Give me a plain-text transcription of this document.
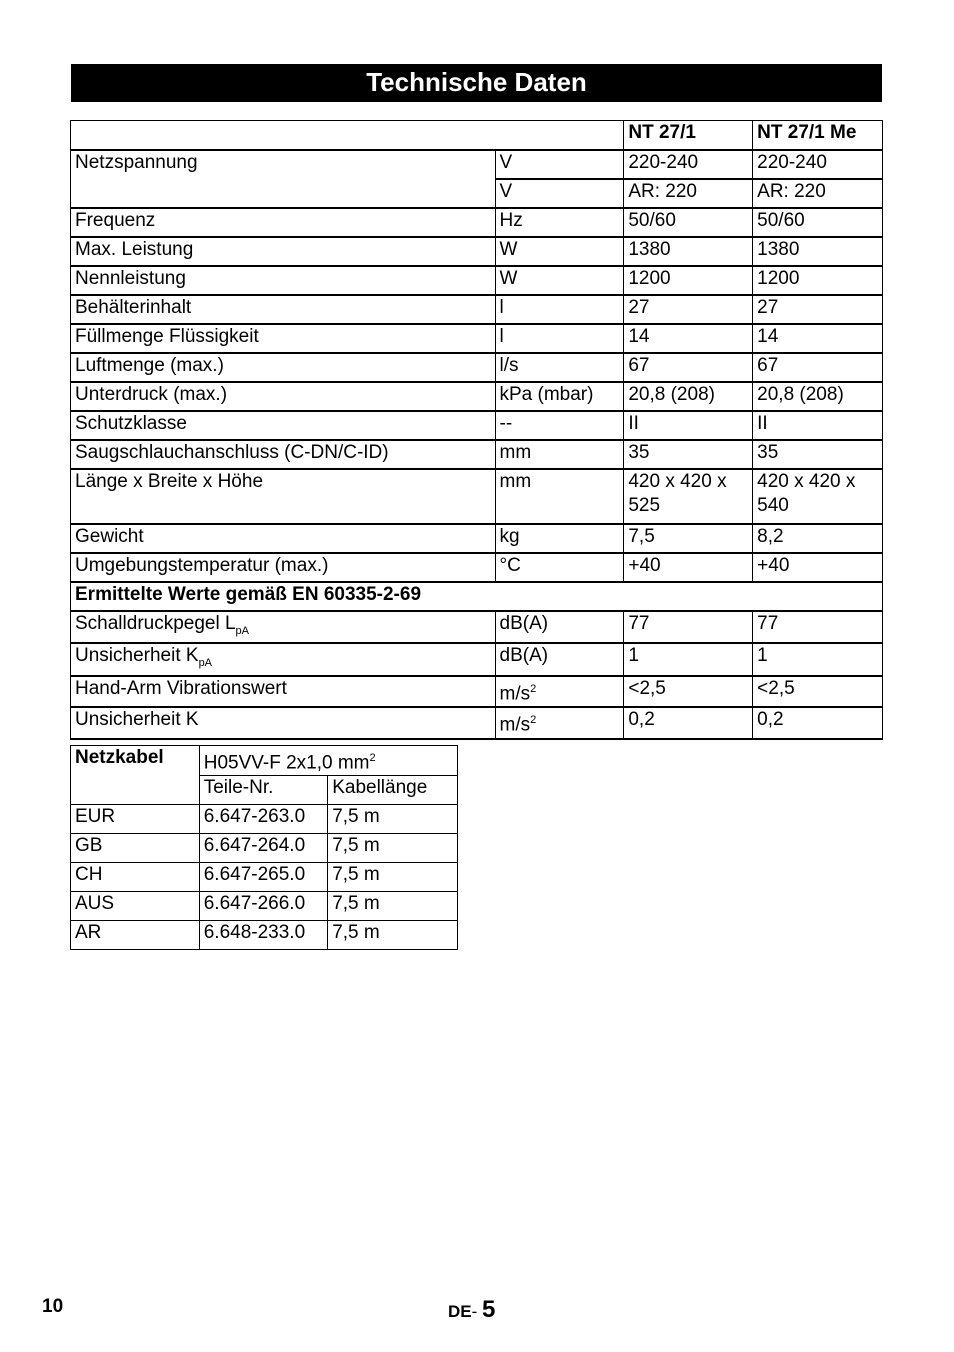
Technische Daten
		NT 27/1	NT 27/1 Me
Netzspannung	V	220-240	220-240
	V	AR: 220	AR: 220
Frequenz	Hz	50/60	50/60
Max. Leistung	W	1380	1380
Nennleistung	W	1200	1200
Behälterinhalt	l	27	27
Füllmenge Flüssigkeit	l	14	14
Luftmenge (max.)	l/s	67	67
Unterdruck (max.)	kPa (mbar)	20,8 (208)	20,8 (208)
Schutzklasse	--	II	II
Saugschlauchanschluss (C-DN/C-ID)	mm	35	35
Länge x Breite x Höhe	mm	420 x 420 x 525	420 x 420 x 540
Gewicht	kg	7,5	8,2
Umgebungstemperatur (max.)	°C	+40	+40
Ermittelte Werte gemäß EN 60335-2-69			
Schalldruckpegel $L_{pA}$	dB(A)	77	77
Unsicherheit $K_{pA}$	dB(A)	1	1
Hand-Arm Vibrationswert	$m/s^2$	<2,5	<2,5
Unsicherheit K	$m/s^2$	0,2	0,2
Netzkabel	H05VV-F 2x1,0 $mm^2$
	Teile-Nr.	Kabellänge
EUR	6.647-263.0	7,5 m
GB	6.647-264.0	7,5 m
CH	6.647-265.0	7,5 m
AUS	6.647-266.0	7,5 m
AR	6.648-233.0	7,5 m
10	DE- 5
